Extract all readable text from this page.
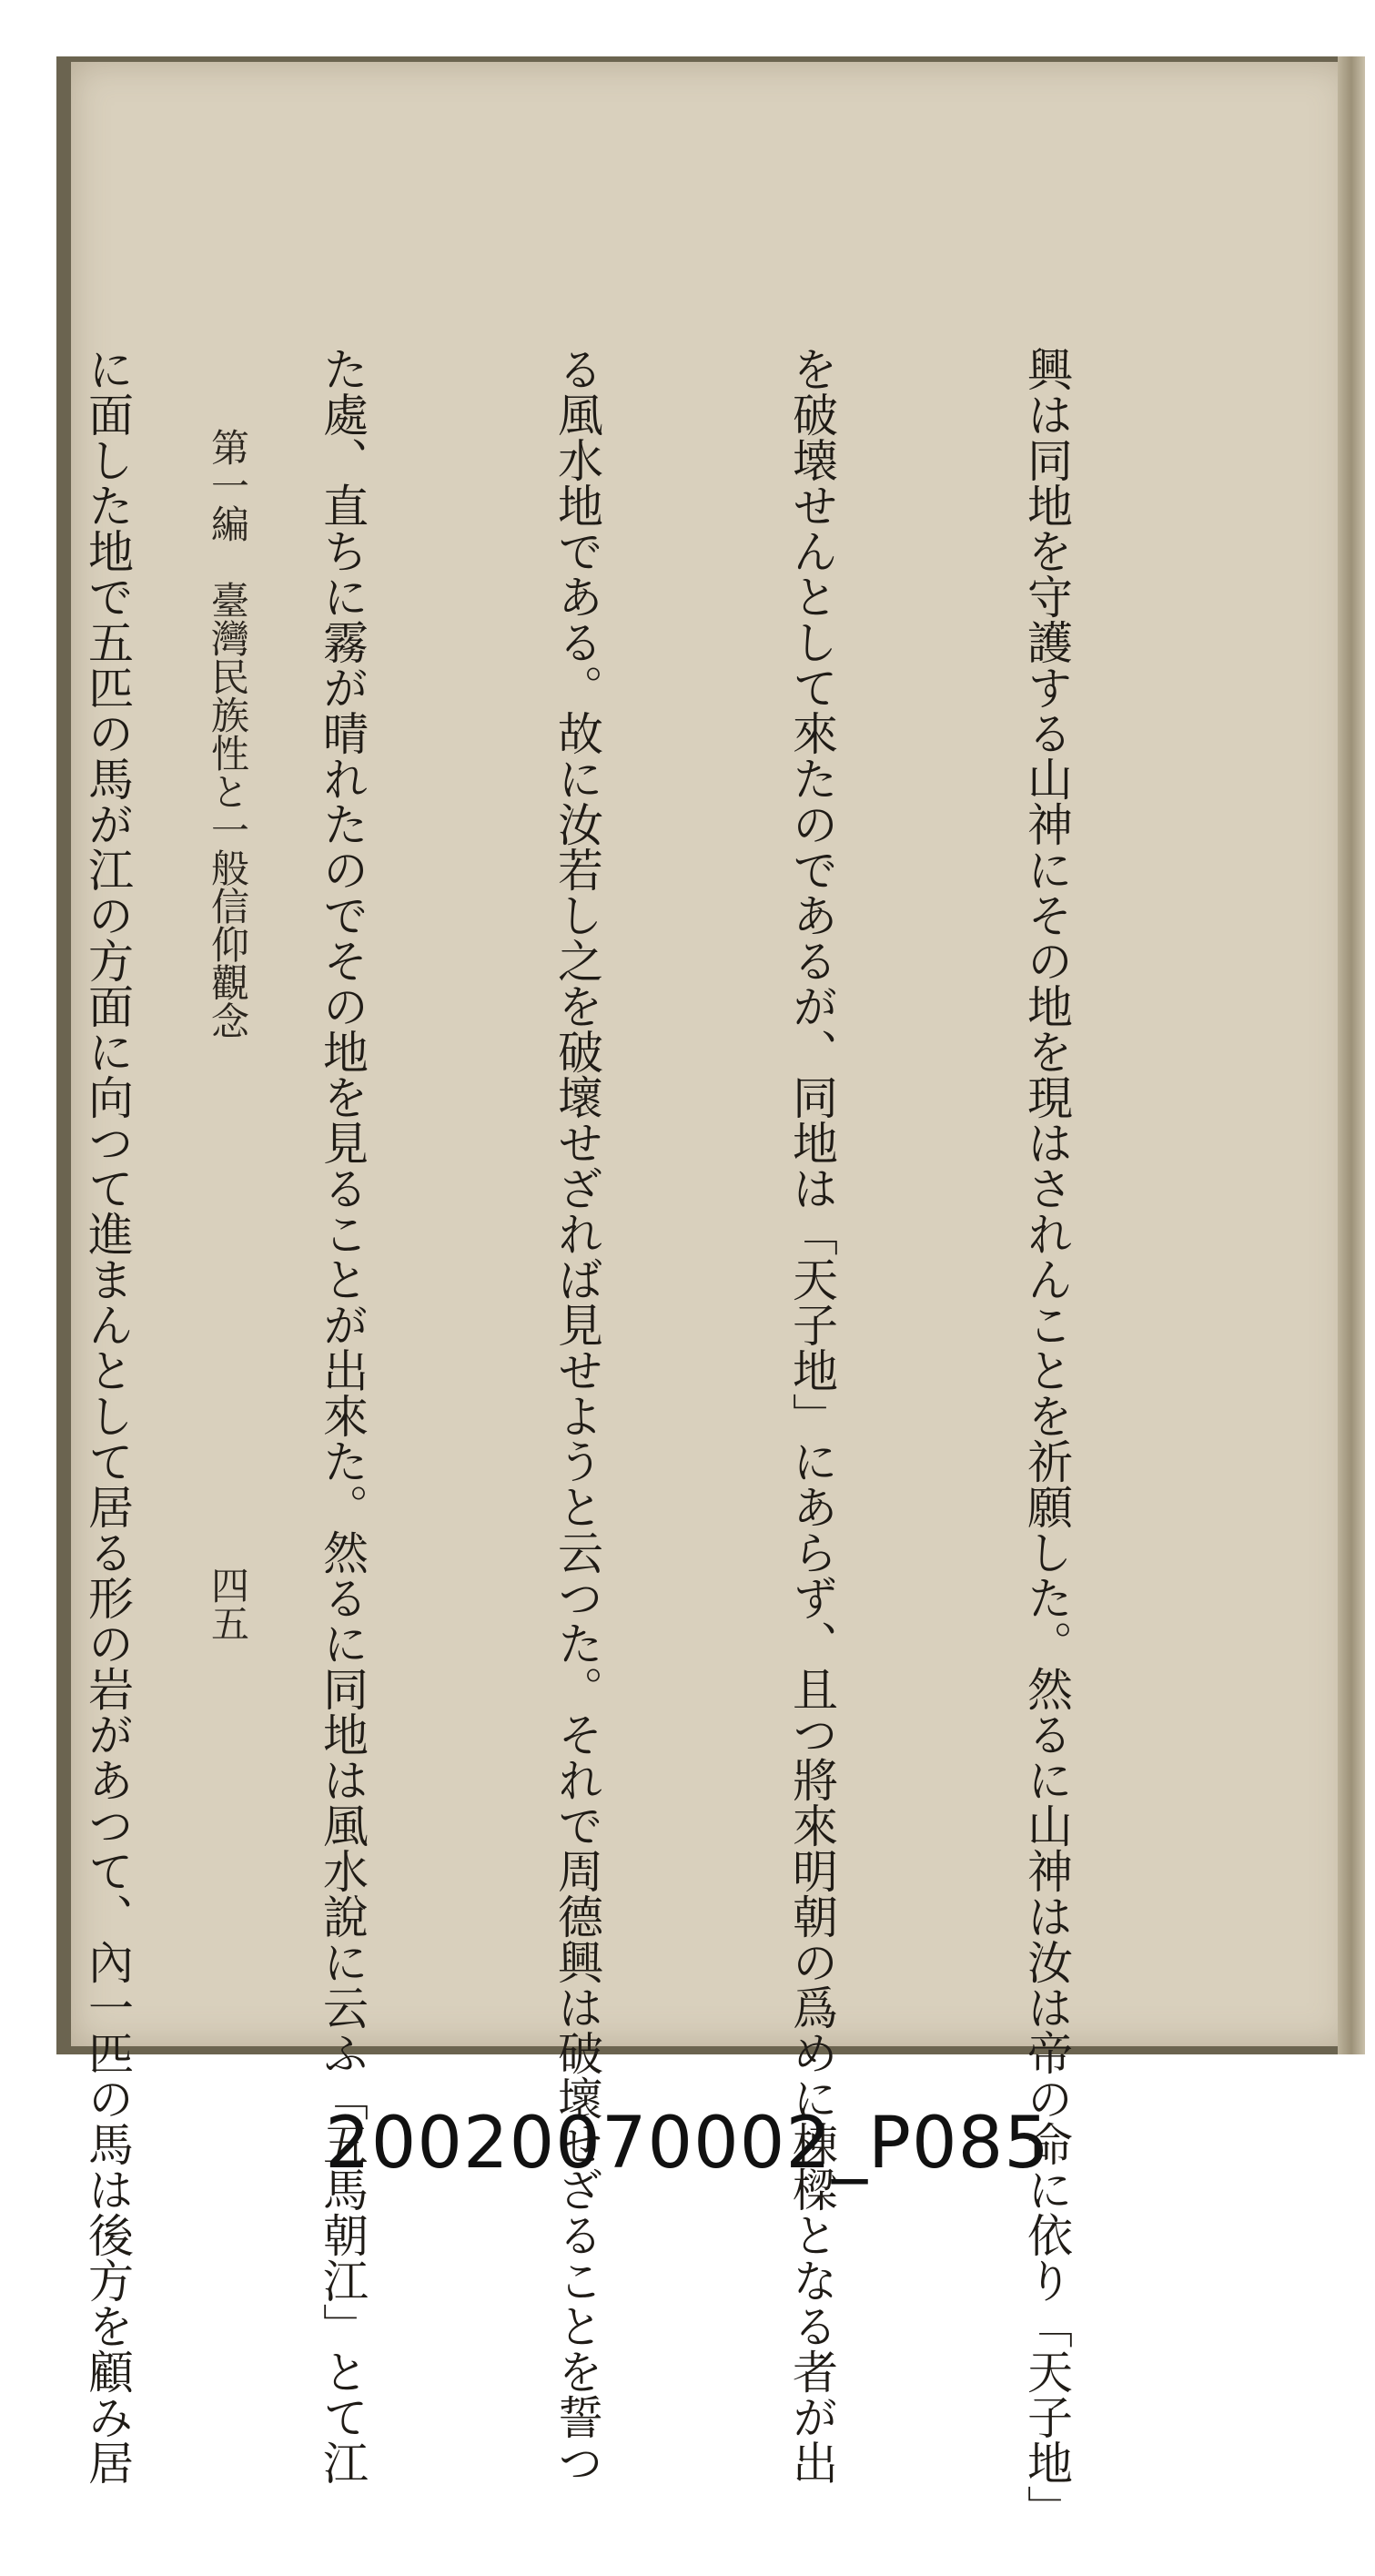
興は同地を守護する山神にその地を現はされんことを祈願した。然るに山神は汝は帝の命に依り「天子地」

を破壊せんとして來たのであるが、同地は「天子地」にあらず、且つ將來明朝の爲めに棟樑となる者が出

る風水地である。故に汝若し之を破壞せざれば見せようと云つた。それで周德興は破壞せざることを誓つ

た處、直ちに霧が晴れたのでその地を見ることが出來た。然るに同地は風水說に云ふ「五馬朝江」とて江

に面した地で五匹の馬が江の方面に向つて進まんとして居る形の岩があつて、內一匹の馬は後方を顧み居

	第一編　臺灣民族性と一般信仰觀念
四五
20020070002_P085
